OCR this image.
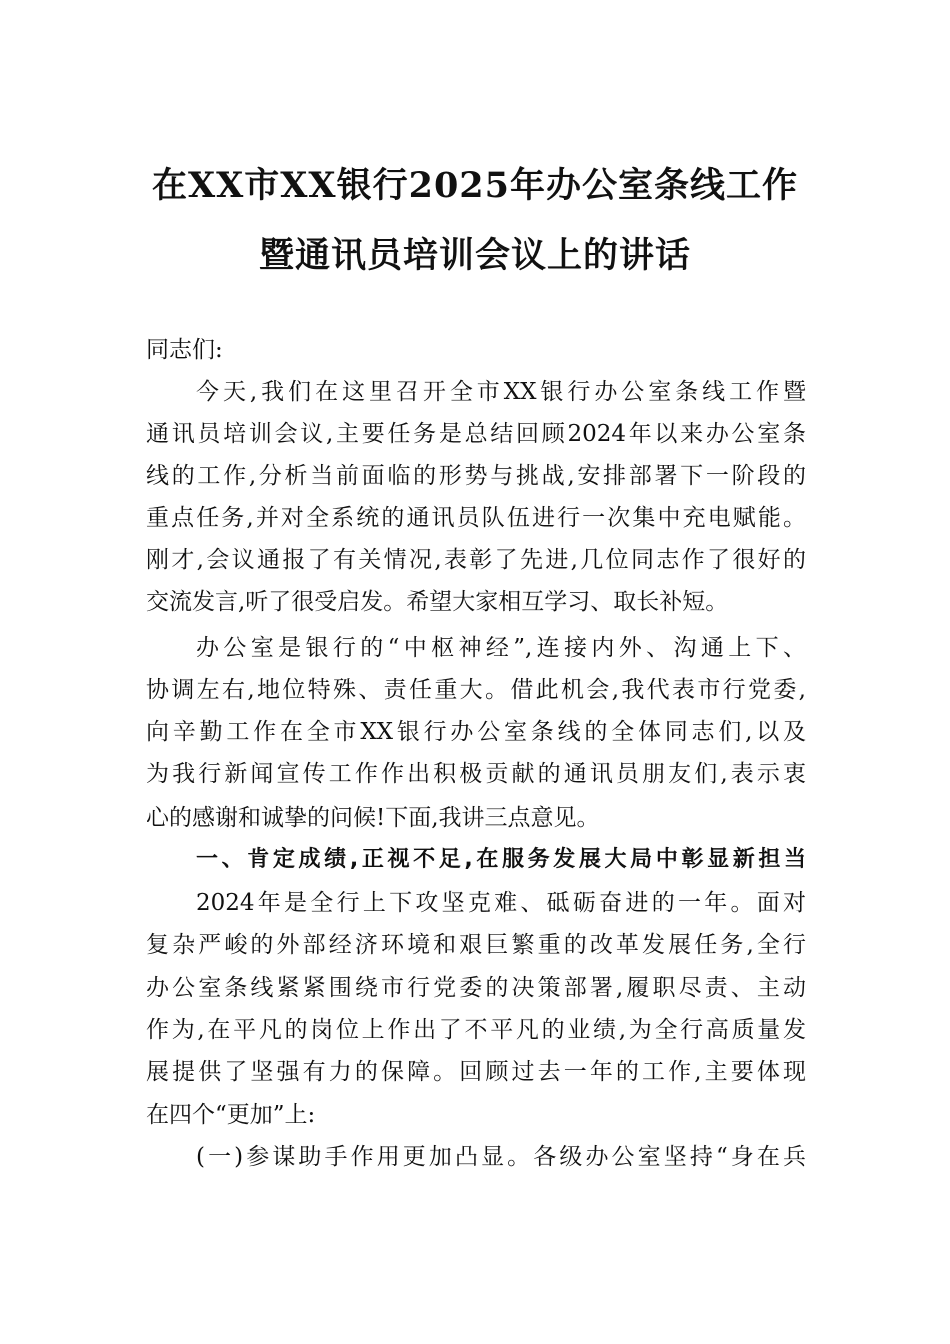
在XX市XX银行2025年办公室条线工作
暨通讯员培训会议上的讲话
同志们:
今天,我们在这里召开全市XX银行办公室条线工作暨
通讯员培训会议,主要任务是总结回顾2024年以来办公室条
线的工作,分析当前面临的形势与挑战,安排部署下一阶段的
重点任务,并对全系统的通讯员队伍进行一次集中充电赋能。
刚才,会议通报了有关情况,表彰了先进,几位同志作了很好的
交流发言,听了很受启发。希望大家相互学习、取长补短。
办公室是银行的“中枢神经”,连接内外、沟通上下、
协调左右,地位特殊、责任重大。借此机会,我代表市行党委,
向辛勤工作在全市XX银行办公室条线的全体同志们,以及
为我行新闻宣传工作作出积极贡献的通讯员朋友们,表示衷
心的感谢和诚挚的问候!下面,我讲三点意见。
一、肯定成绩,正视不足,在服务发展大局中彰显新担当
2024年是全行上下攻坚克难、砥砺奋进的一年。面对
复杂严峻的外部经济环境和艰巨繁重的改革发展任务,全行
办公室条线紧紧围绕市行党委的决策部署,履职尽责、主动
作为,在平凡的岗位上作出了不平凡的业绩,为全行高质量发
展提供了坚强有力的保障。回顾过去一年的工作,主要体现
在四个“更加”上:
(一)参谋助手作用更加凸显。各级办公室坚持“身在兵
